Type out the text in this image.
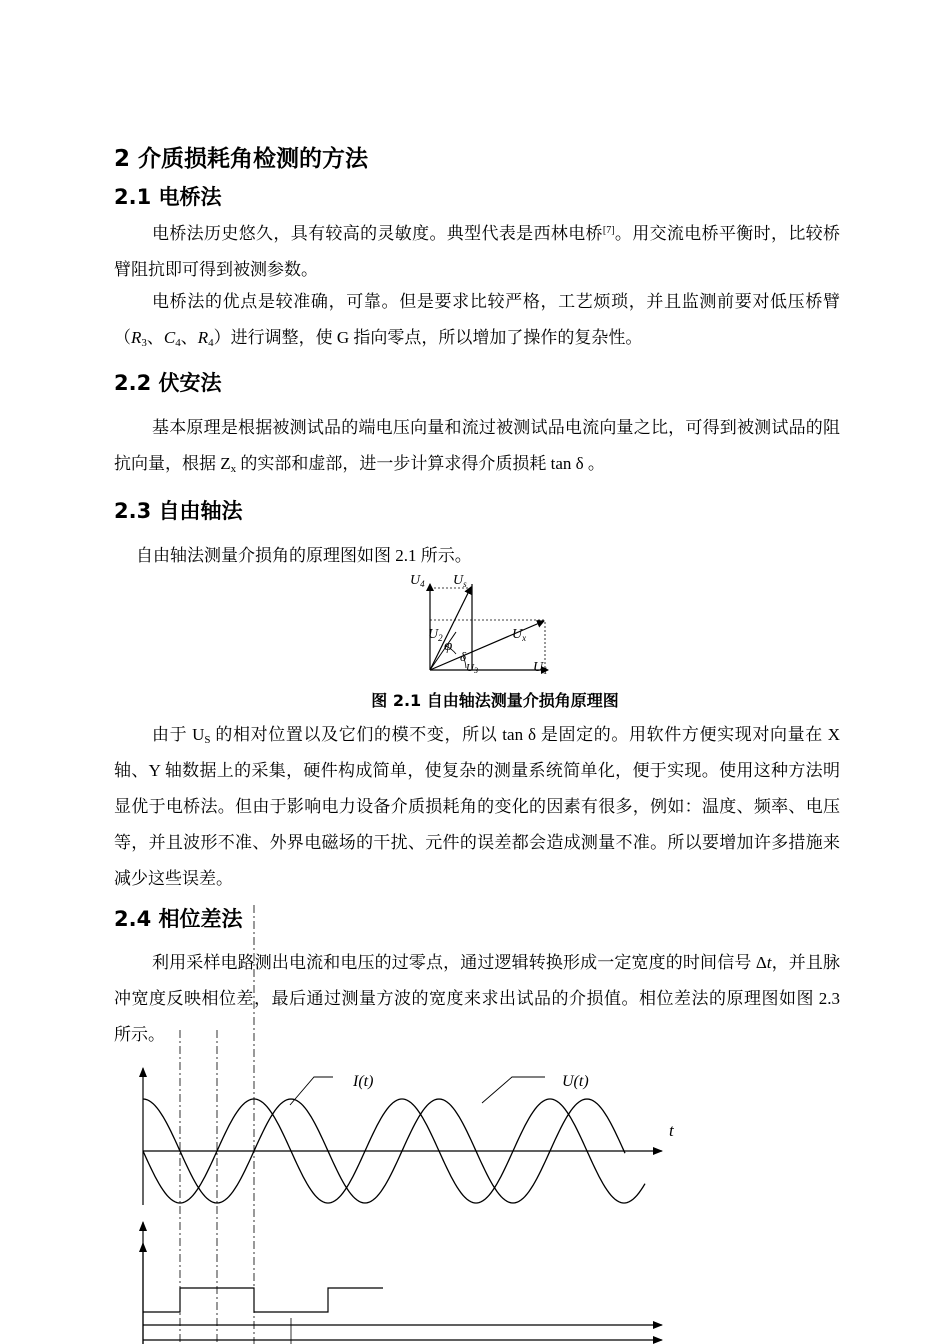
2 介质损耗角检测的方法
2.1 电桥法
电桥法历史悠久，具有较高的灵敏度。典型代表是西林电桥[7]。用交流电桥平衡时，比较桥臂阻抗即可得到被测参数。
电桥法的优点是较准确，可靠。但是要求比较严格，工艺烦琐，并且监测前要对低压桥臂（$R_3$、$C_4$、$R_4$）进行调整，使 G 指向零点，所以增加了操作的复杂性。
2.2 伏安法
基本原理是根据被测试品的端电压向量和流过被测试品电流向量之比，可得到被测试品的阻抗向量，根据 $Z_x$ 的实部和虚部，进一步计算求得介质损耗 tan δ 。
2.3 自由轴法
自由轴法测量介损角的原理图如图 2.1 所示。
$U_4$ $U_s$
$U_2$ φ
$U_x$
δ
U3	$U_1$
图 2.1 自由轴法测量介损角原理图
由于 $U_S$ 的相对位置以及它们的模不变，所以 tan δ 是固定的。用软件方便实现对向量在 X 轴、Y 轴数据上的采集，硬件构成简单，使复杂的测量系统简单化，便于实现。使用这种方法明显优于电桥法。但由于影响电力设备介质损耗角的变化的因素有很多，例如：温度、频率、电压等，并且波形不准、外界电磁场的干扰、元件的误差都会造成测量不准。所以要增加许多措施来减少这些误差。
2.4 相位差法
利用采样电路测出电流和电压的过零点，通过逻辑转换形成一定宽度的时间信号 Δt，并且脉冲宽度反映相位差，最后通过测量方波的宽度来求出试品的介损值。相位差法的原理图如图 2.3 所示。
I(t)	U(t)
t
